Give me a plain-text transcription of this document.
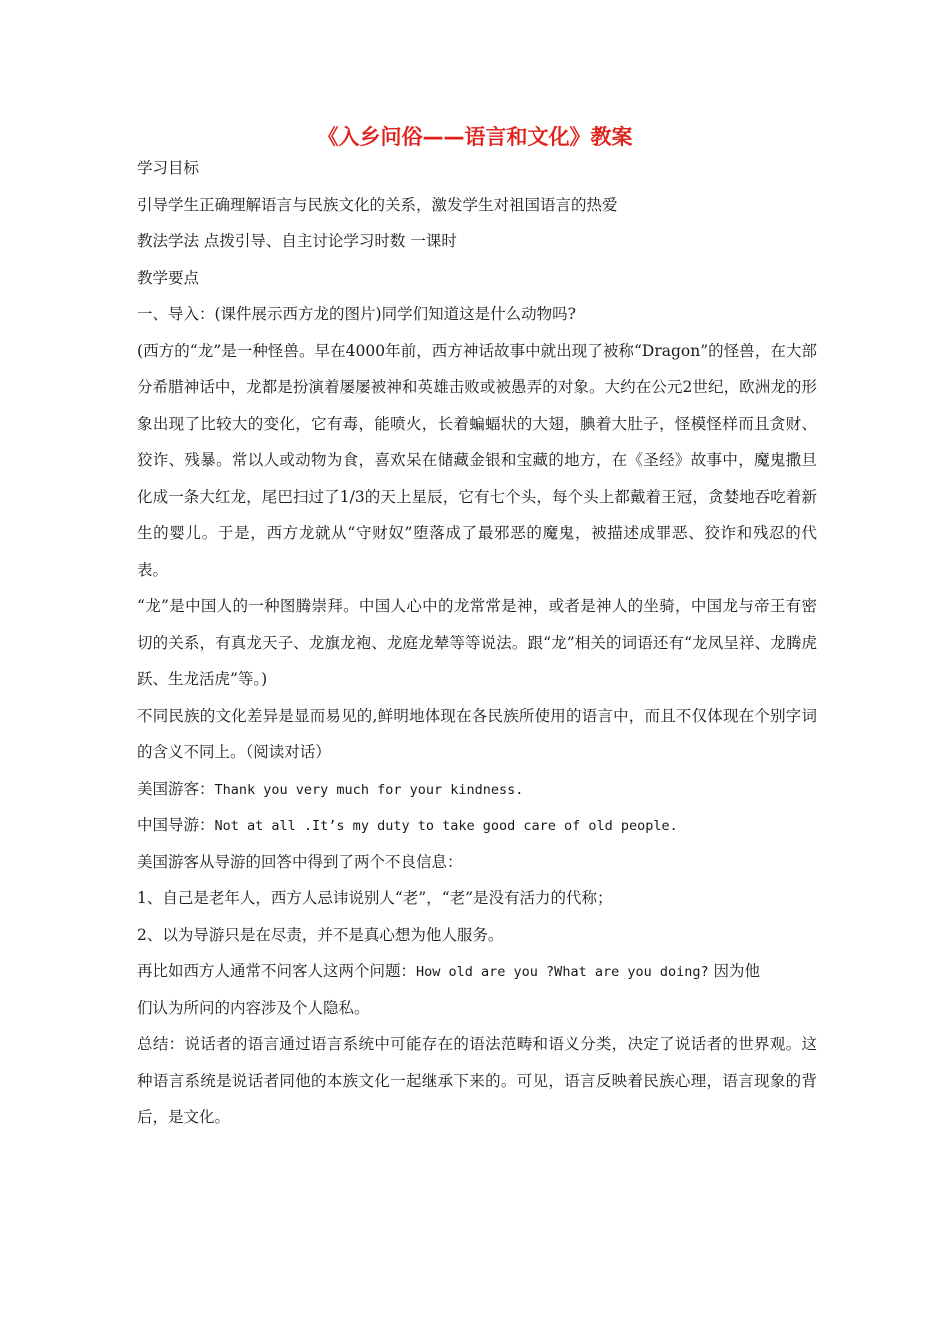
《入乡问俗——语言和文化》教案
学习目标
引导学生正确理解语言与民族文化的关系，激发学生对祖国语言的热爱
教法学法 点拨引导、自主讨论学习时数 一课时
教学要点
一、导入：(课件展示西方龙的图片)同学们知道这是什么动物吗?
(西方的“龙”是一种怪兽。早在4000年前，西方神话故事中就出现了被称“Dragon”的怪兽，在大部分希腊神话中，龙都是扮演着屡屡被神和英雄击败或被愚弄的对象。大约在公元2世纪，欧洲龙的形象出现了比较大的变化，它有毒，能喷火，长着蝙蝠状的大翅，腆着大肚子，怪模怪样而且贪财、狡诈、残暴。常以人或动物为食，喜欢呆在储藏金银和宝藏的地方，在《圣经》故事中，魔鬼撒旦化成一条大红龙，尾巴扫过了1/3的天上星辰，它有七个头，每个头上都戴着王冠，贪婪地吞吃着新生的婴儿。于是，西方龙就从“守财奴”堕落成了最邪恶的魔鬼，被描述成罪恶、狡诈和残忍的代表。
“龙”是中国人的一种图腾崇拜。中国人心中的龙常常是神，或者是神人的坐骑，中国龙与帝王有密切的关系，有真龙天子、龙旗龙袍、龙庭龙辇等等说法。跟“龙”相关的词语还有“龙凤呈祥、龙腾虎跃、生龙活虎”等。)
不同民族的文化差异是显而易见的,鲜明地体现在各民族所使用的语言中，而且不仅体现在个别字词的含义不同上。（阅读对话）
美国游客：Thank you very much for your kindness.
中国导游：Not at all .It’s my duty to take good care of old people.
美国游客从导游的回答中得到了两个不良信息：
1、自己是老年人，西方人忌讳说别人“老”，“老”是没有活力的代称；
2、以为导游只是在尽责，并不是真心想为他人服务。
再比如西方人通常不问客人这两个问题：How old are you ?What are you doing? 因为他
们认为所问的内容涉及个人隐私。
总结：说话者的语言通过语言系统中可能存在的语法范畴和语义分类，决定了说话者的世界观。这种语言系统是说话者同他的本族文化一起继承下来的。可见，语言反映着民族心理，语言现象的背后，是文化。
